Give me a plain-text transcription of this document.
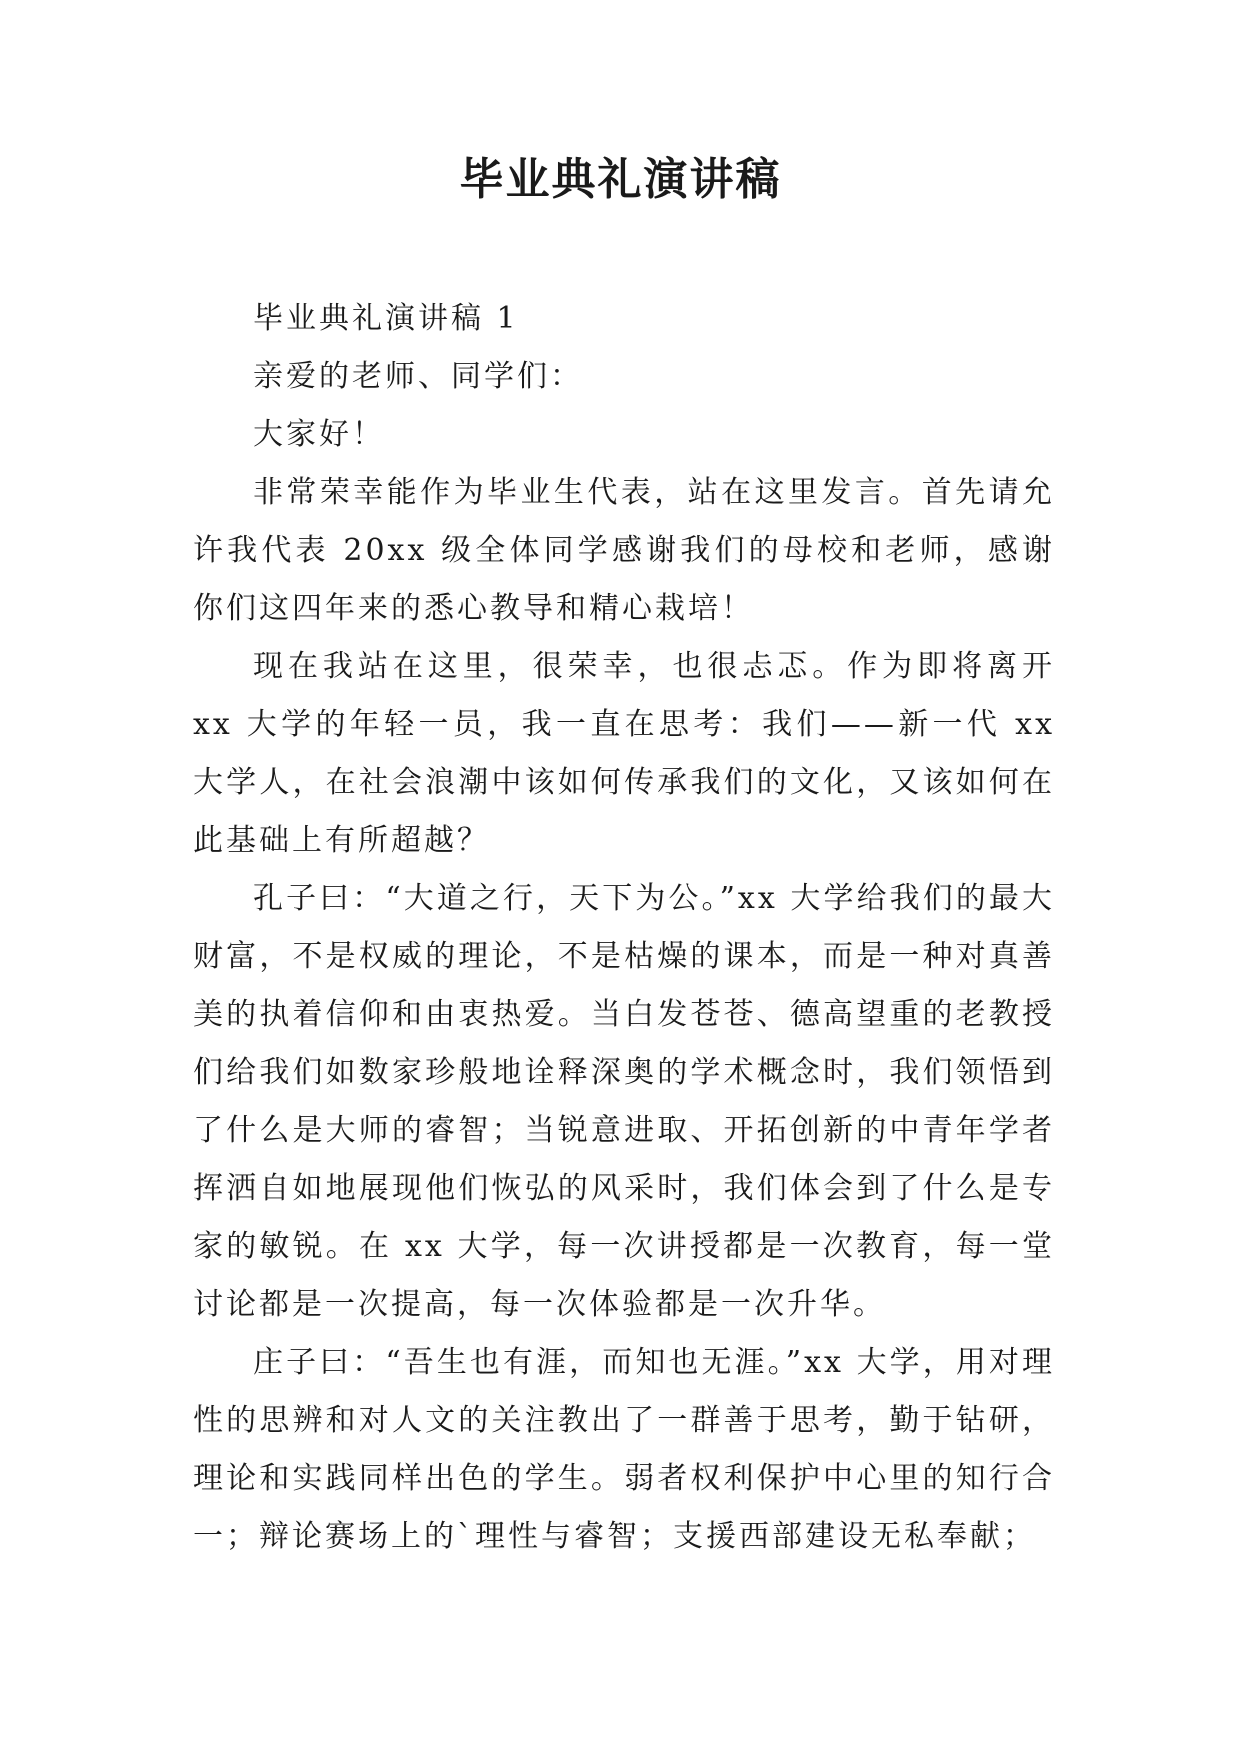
毕业典礼演讲稿

毕业典礼演讲稿 1

亲爱的老师、同学们：

大家好！

非常荣幸能作为毕业生代表，站在这里发言。首先请允许我代表 20xx 级全体同学感谢我们的母校和老师，感谢你们这四年来的悉心教导和精心栽培！

现在我站在这里，很荣幸，也很忐忑。作为即将离开 xx 大学的年轻一员，我一直在思考：我们——新一代 xx 大学人，在社会浪潮中该如何传承我们的文化，又该如何在此基础上有所超越？

孔子曰：“大道之行，天下为公。”xx 大学给我们的最大财富，不是权威的理论，不是枯燥的课本，而是一种对真善美的执着信仰和由衷热爱。当白发苍苍、德高望重的老教授们给我们如数家珍般地诠释深奥的学术概念时，我们领悟到了什么是大师的睿智；当锐意进取、开拓创新的中青年学者挥洒自如地展现他们恢弘的风采时，我们体会到了什么是专家的敏锐。在 xx 大学，每一次讲授都是一次教育，每一堂讨论都是一次提高，每一次体验都是一次升华。

庄子曰：“吾生也有涯，而知也无涯。”xx 大学，用对理性的思辨和对人文的关注教出了一群善于思考，勤于钻研，理论和实践同样出色的学生。弱者权利保护中心里的知行合一；辩论赛场上的`理性与睿智；支援西部建设无私奉献；
